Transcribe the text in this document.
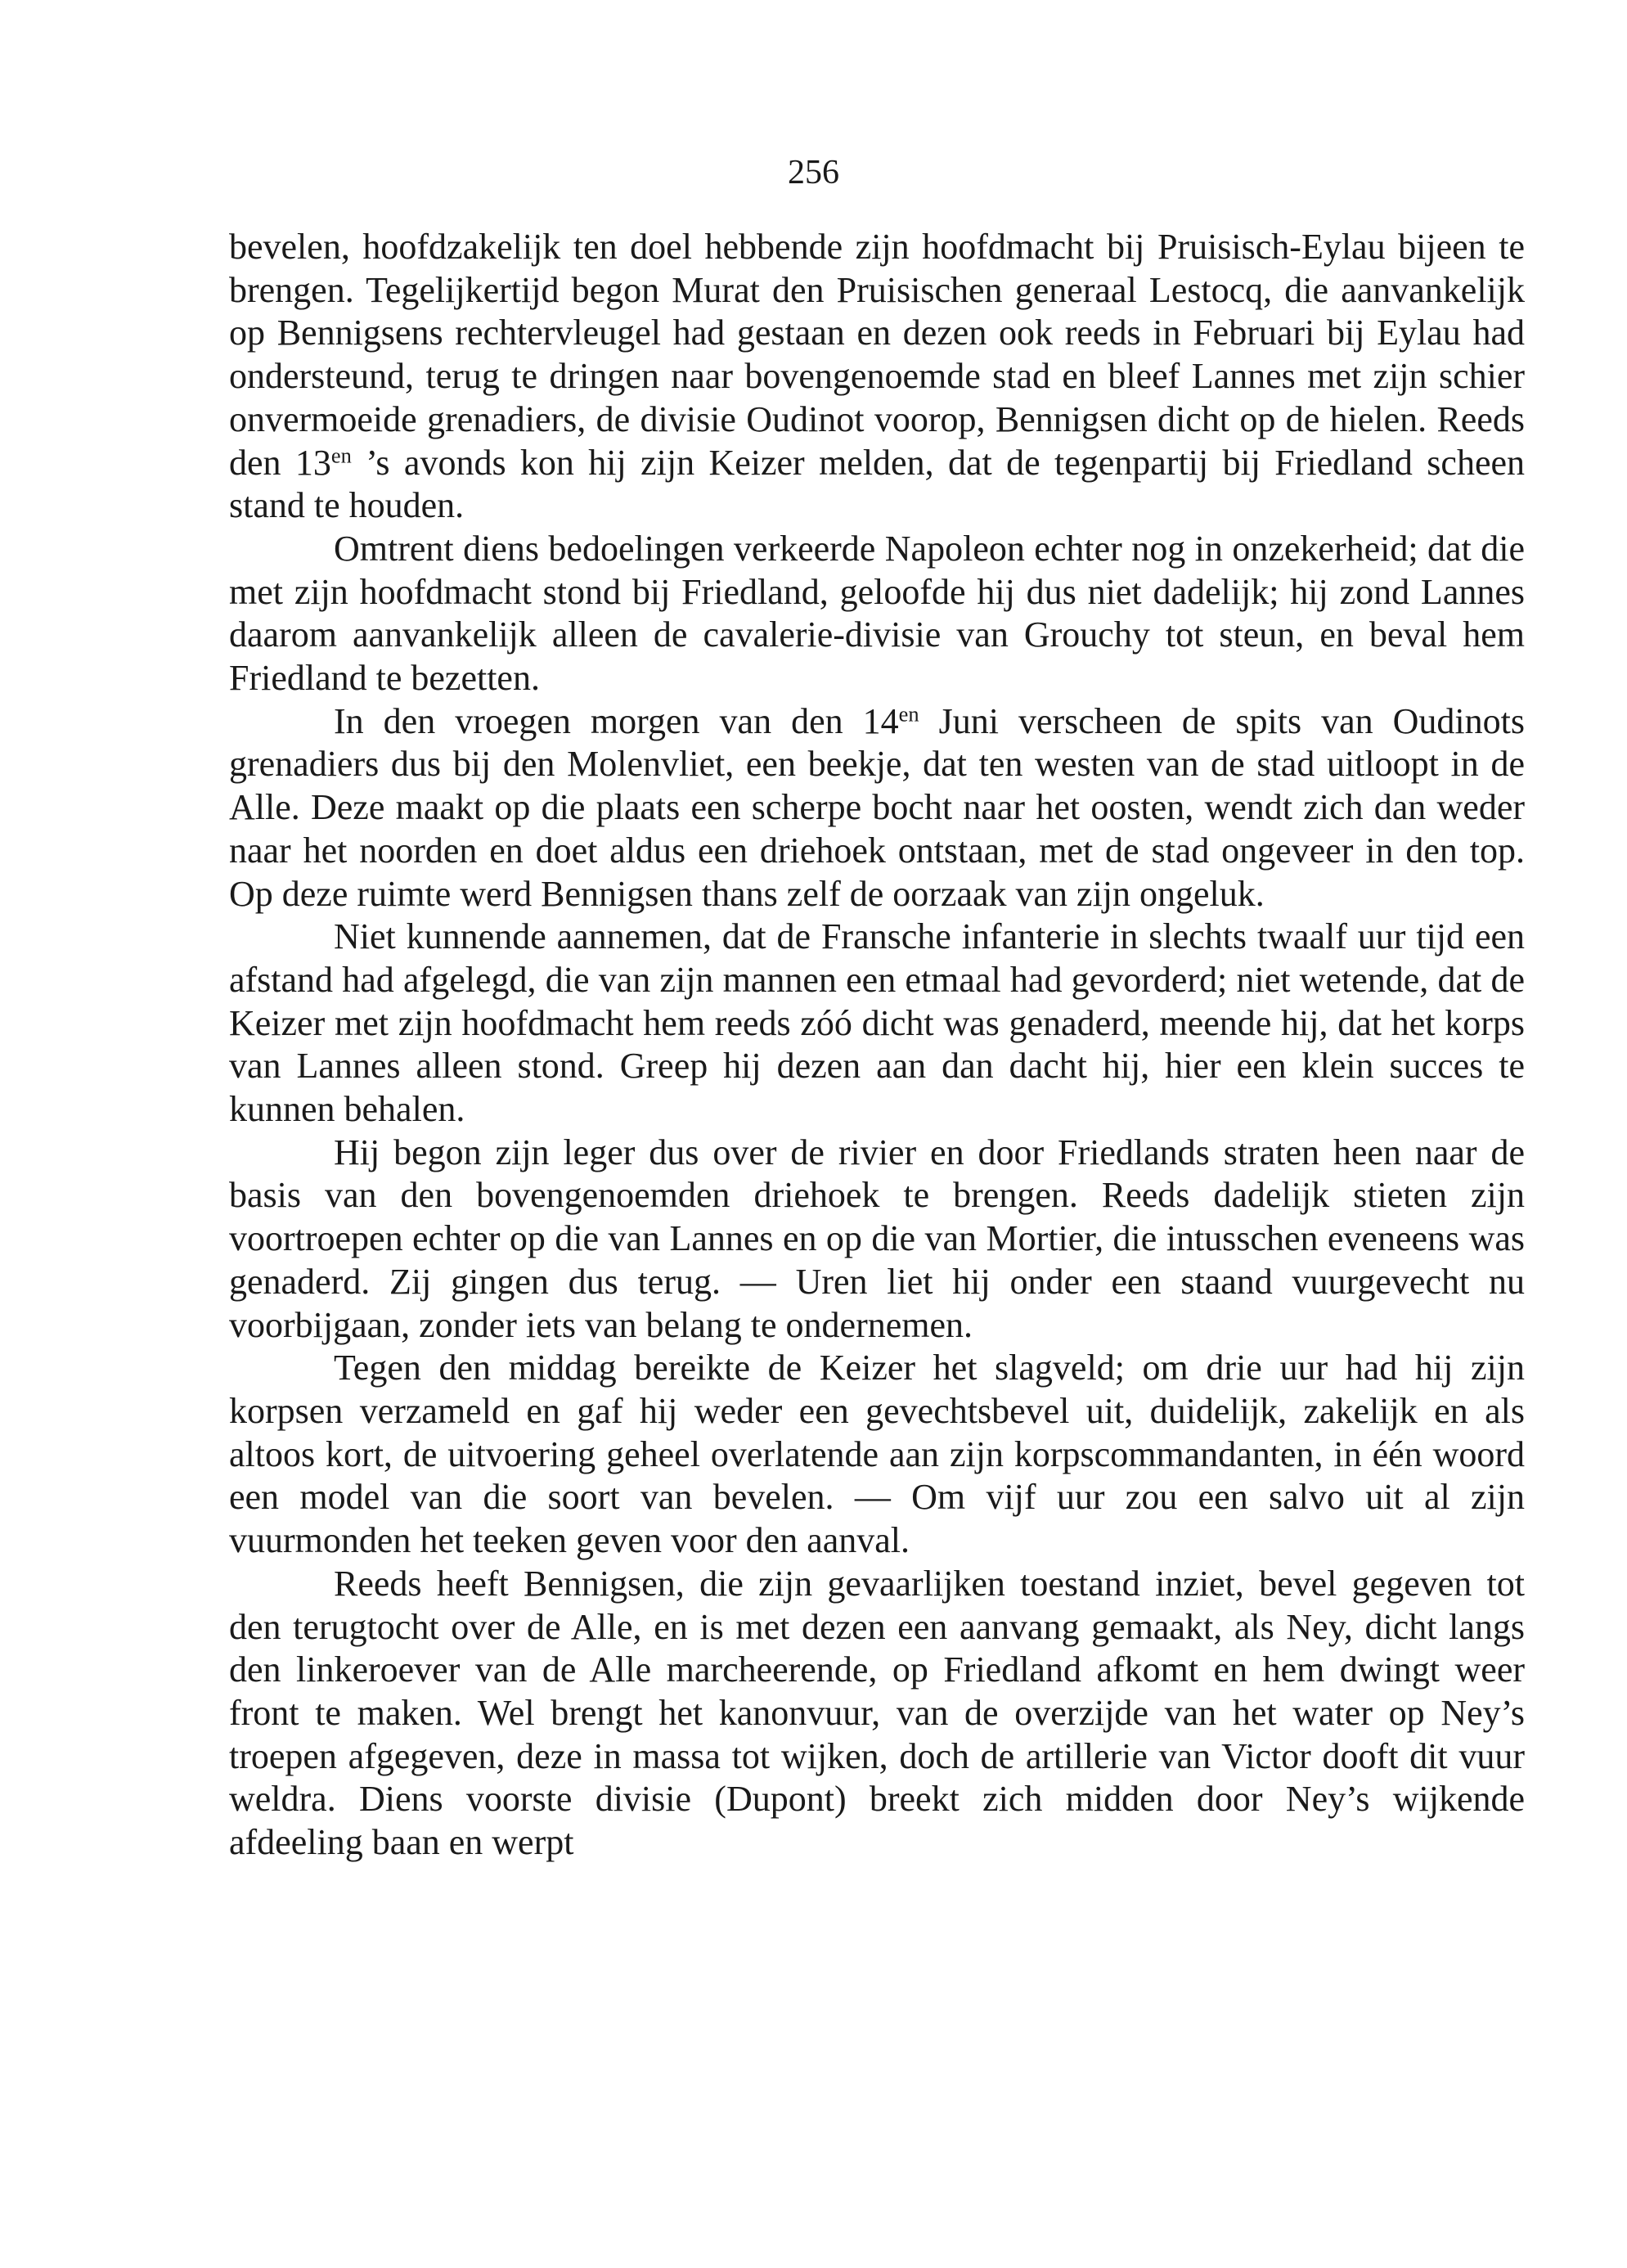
256

bevelen, hoofdzakelijk ten doel hebbende zijn hoofdmacht bij Pruisisch-Eylau bijeen te brengen. Tegelijkertijd begon Murat den Pruisischen generaal Lestocq, die aanvankelijk op Bennigsens rechtervleugel had gestaan en dezen ook reeds in Februari bij Eylau had ondersteund, terug te dringen naar bovengenoemde stad en bleef Lannes met zijn schier onvermoeide grenadiers, de divisie Oudinot voorop, Bennigsen dicht op de hielen. Reeds den $13^{en}$ ’s avonds kon hij zijn Keizer melden, dat de tegenpartij bij Friedland scheen stand te houden.

Omtrent diens bedoelingen verkeerde Napoleon echter nog in onzekerheid; dat die met zijn hoofdmacht stond bij Friedland, geloofde hij dus niet dadelijk; hij zond Lannes daarom aanvankelijk alleen de cavalerie-divisie van Grouchy tot steun, en beval hem Friedland te bezetten.

In den vroegen morgen van den $14^{en}$ Juni verscheen de spits van Oudinots grenadiers dus bij den Molenvliet, een beekje, dat ten westen van de stad uitloopt in de Alle. Deze maakt op die plaats een scherpe bocht naar het oosten, wendt zich dan weder naar het noorden en doet aldus een driehoek ontstaan, met de stad ongeveer in den top. Op deze ruimte werd Bennigsen thans zelf de oorzaak van zijn ongeluk.

Niet kunnende aannemen, dat de Fransche infanterie in slechts twaalf uur tijd een afstand had afgelegd, die van zijn mannen een etmaal had gevorderd; niet wetende, dat de Keizer met zijn hoofdmacht hem reeds zóó dicht was genaderd, meende hij, dat het korps van Lannes alleen stond. Greep hij dezen aan dan dacht hij, hier een klein succes te kunnen behalen.

Hij begon zijn leger dus over de rivier en door Friedlands straten heen naar de basis van den bovengenoemden driehoek te brengen. Reeds dadelijk stieten zijn voortroepen echter op die van Lannes en op die van Mortier, die intusschen eveneens was genaderd. Zij gingen dus terug. — Uren liet hij onder een staand vuurgevecht nu voorbijgaan, zonder iets van belang te ondernemen.

Tegen den middag bereikte de Keizer het slagveld; om drie uur had hij zijn korpsen verzameld en gaf hij weder een gevechtsbevel uit, duidelijk, zakelijk en als altoos kort, de uitvoering geheel overlatende aan zijn korpscommandanten, in één woord een model van die soort van bevelen. — Om vijf uur zou een salvo uit al zijn vuurmonden het teeken geven voor den aanval.

Reeds heeft Bennigsen, die zijn gevaarlijken toestand inziet, bevel gegeven tot den terugtocht over de Alle, en is met dezen een aanvang gemaakt, als Ney, dicht langs den linkeroever van de Alle marcheerende, op Friedland afkomt en hem dwingt weer front te maken. Wel brengt het kanonvuur, van de overzijde van het water op Ney’s troepen afgegeven, deze in massa tot wijken, doch de artillerie van Victor dooft dit vuur weldra. Diens voorste divisie (Dupont) breekt zich midden door Ney’s wijkende afdeeling baan en werpt
